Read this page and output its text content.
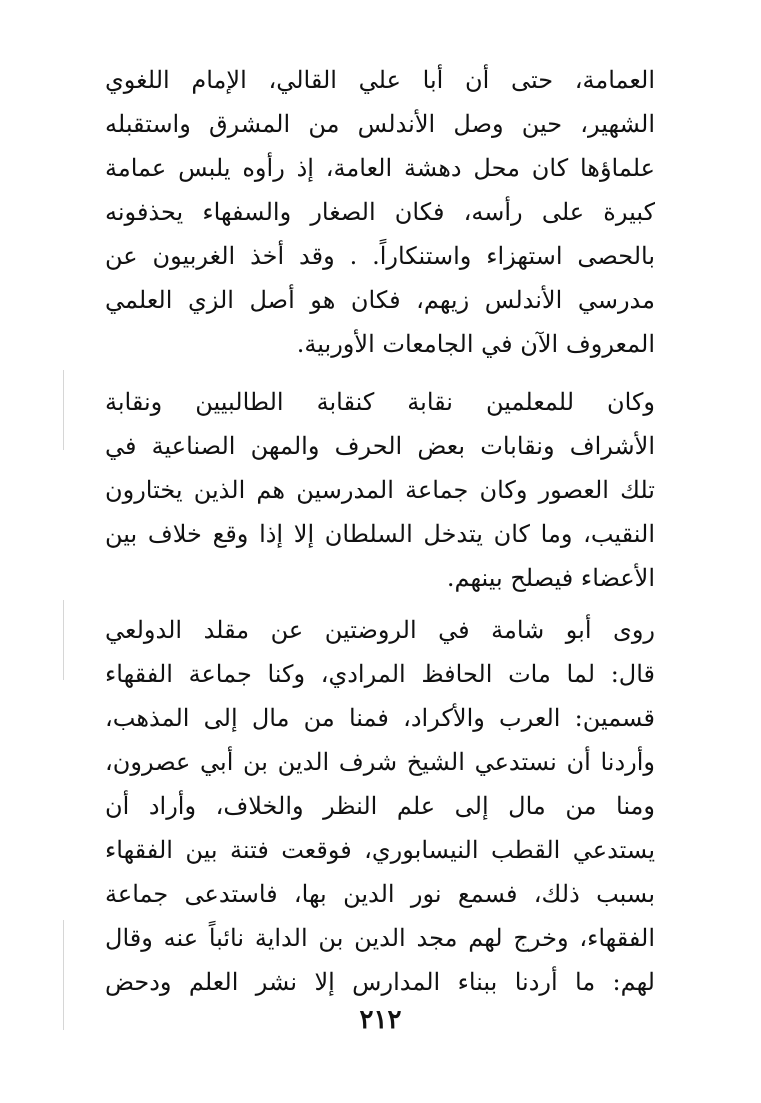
العمامة، حتى أن أبا علي القالي، الإمام اللغوي
الشهير، حين وصل الأندلس من المشرق واستقبله
علماؤها كان محل دهشة العامة، إذ رأوه يلبس عمامة
كبيرة على رأسه، فكان الصغار والسفهاء يحذفونه
بالحصى استهزاء واستنكاراً. . وقد أخذ الغربيون عن
مدرسي الأندلس زيهم، فكان هو أصل الزي العلمي
المعروف الآن في الجامعات الأوربية.
وكان للمعلمين نقابة كنقابة الطالبيين ونقابة
الأشراف ونقابات بعض الحرف والمهن الصناعية في
تلك العصور وكان جماعة المدرسين هم الذين يختارون
النقيب، وما كان يتدخل السلطان إلا إذا وقع خلاف بين
الأعضاء فيصلح بينهم.
روى أبو شامة في الروضتين عن مقلد الدولعي
قال: لما مات الحافظ المرادي، وكنا جماعة الفقهاء
قسمين: العرب والأكراد، فمنا من مال إلى المذهب،
وأردنا أن نستدعي الشيخ شرف الدين بن أبي عصرون،
ومنا من مال إلى علم النظر والخلاف، وأراد أن
يستدعي القطب النيسابوري، فوقعت فتنة بين الفقهاء
بسبب ذلك، فسمع نور الدين بها، فاستدعى جماعة
الفقهاء، وخرج لهم مجد الدين بن الداية نائباً عنه وقال
لهم: ما أردنا ببناء المدارس إلا نشر العلم ودحض
٢١٢
